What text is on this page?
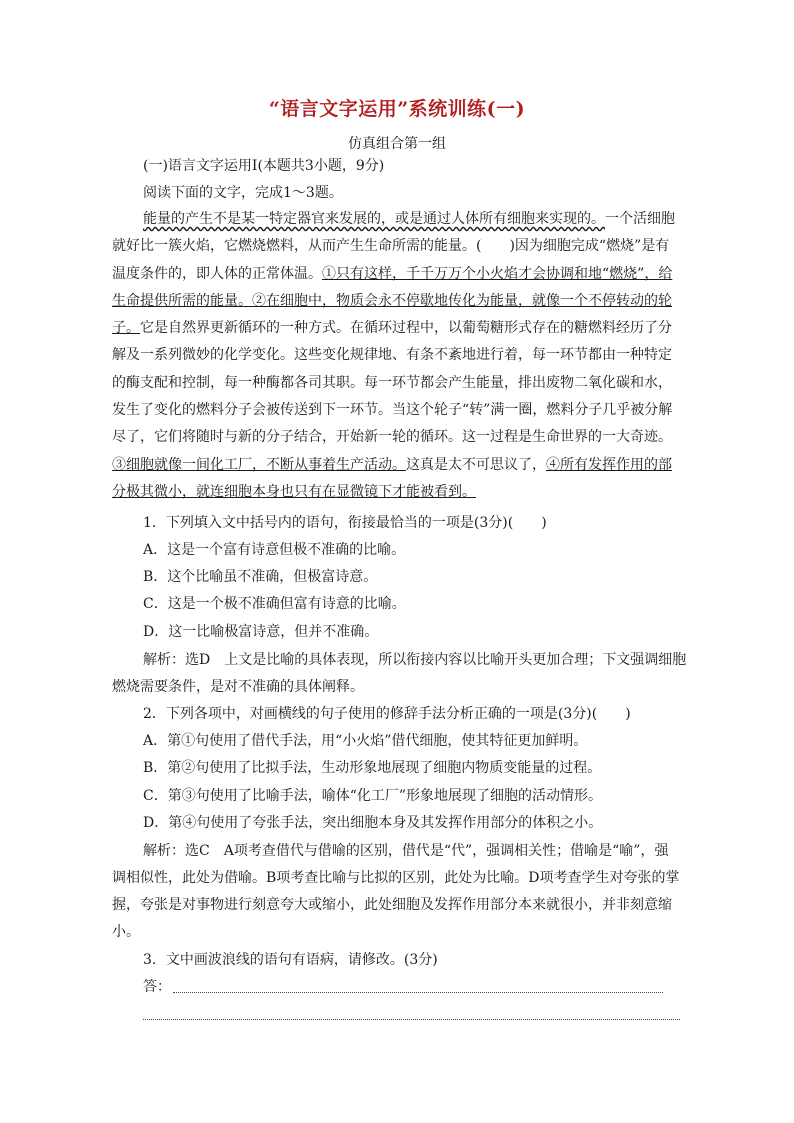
“语言文字运用”系统训练(一)
仿真组合第一组
(一)语言文字运用Ⅰ(本题共3小题，9分)
阅读下面的文字，完成1～3题。

能量的产生不是某一特定器官来发展的，或是通过人体所有细胞来实现的。一个活细胞就好比一簇火焰，它燃烧燃料，从而产生生命所需的能量。(　　)因为细胞完成“燃烧”是有温度条件的，即人体的正常体温。①只有这样，千千万万个小火焰才会协调和地“燃烧”，给生命提供所需的能量。②在细胞中，物质会永不停歇地传化为能量，就像一个不停转动的轮子。它是自然界更新循环的一种方式。在循环过程中，以葡萄糖形式存在的糖燃料经历了分解及一系列微妙的化学变化。这些变化规律地、有条不紊地进行着，每一环节都由一种特定的酶支配和控制，每一种酶都各司其职。每一环节都会产生能量，排出废物二氧化碳和水，发生了变化的燃料分子会被传送到下一环节。当这个轮子“转”满一圈，燃料分子几乎被分解尽了，它们将随时与新的分子结合，开始新一轮的循环。这一过程是生命世界的一大奇迹。③细胞就像一间化工厂，不断从事着生产活动。这真是太不可思议了，④所有发挥作用的部分极其微小，就连细胞本身也只有在显微镜下才能被看到。

1．下列填入文中括号内的语句，衔接最恰当的一项是(3分)(　　)
A．这是一个富有诗意但极不准确的比喻。
B．这个比喻虽不准确，但极富诗意。
C．这是一个极不准确但富有诗意的比喻。
D．这一比喻极富诗意，但并不准确。
解析：选D　上文是比喻的具体表现，所以衔接内容以比喻开头更加合理；下文强调细胞
燃烧需要条件，是对不准确的具体阐释。
2．下列各项中，对画横线的句子使用的修辞手法分析正确的一项是(3分)(　　)
A．第①句使用了借代手法，用“小火焰”借代细胞，使其特征更加鲜明。
B．第②句使用了比拟手法，生动形象地展现了细胞内物质变能量的过程。
C．第③句使用了比喻手法，喻体“化工厂”形象地展现了细胞的活动情形。
D．第④句使用了夸张手法，突出细胞本身及其发挥作用部分的体积之小。
解析：选C　A项考查借代与借喻的区别，借代是“代”，强调相关性；借喻是“喻”，强
调相似性，此处为借喻。B项考查比喻与比拟的区别，此处为比喻。D项考查学生对夸张的掌
握，夸张是对事物进行刻意夸大或缩小，此处细胞及发挥作用部分本来就很小，并非刻意缩
小。
3．文中画波浪线的语句有语病，请修改。(3分)
答：
